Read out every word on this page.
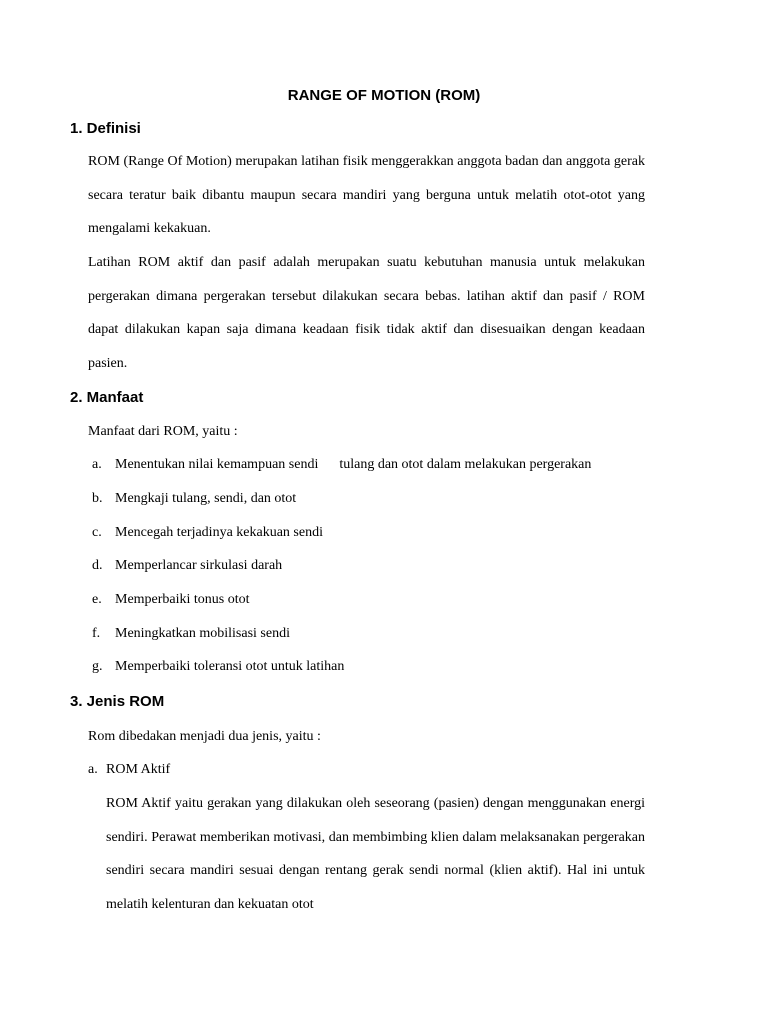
RANGE OF MOTION (ROM)
1. Definisi

ROM (Range Of Motion) merupakan latihan fisik menggerakkan anggota badan dan anggota gerak secara teratur baik dibantu maupun secara mandiri yang berguna untuk melatih otot-otot yang mengalami kekakuan.

Latihan ROM aktif dan pasif adalah merupakan suatu kebutuhan manusia untuk melakukan pergerakan dimana pergerakan tersebut dilakukan secara bebas. latihan aktif dan pasif / ROM dapat dilakukan kapan saja dimana keadaan fisik tidak aktif dan disesuaikan dengan keadaan pasien.

2. Manfaat
Manfaat dari ROM, yaitu :
a. Menentukan nilai kemampuan sendi      tulang dan otot dalam melakukan pergerakan
b. Mengkaji tulang, sendi, dan otot
c. Mencegah terjadinya kekakuan sendi
d. Memperlancar sirkulasi darah
e. Memperbaiki tonus otot
f. Meningkatkan mobilisasi sendi
g. Memperbaiki toleransi otot untuk latihan
3. Jenis ROM
Rom dibedakan menjadi dua jenis, yaitu :
a. ROM Aktif

ROM Aktif yaitu gerakan yang dilakukan oleh seseorang (pasien) dengan menggunakan energi sendiri. Perawat memberikan motivasi, dan membimbing klien dalam melaksanakan pergerakan sendiri secara mandiri sesuai dengan rentang gerak sendi normal (klien aktif). Hal ini untuk melatih kelenturan dan kekuatan otot
